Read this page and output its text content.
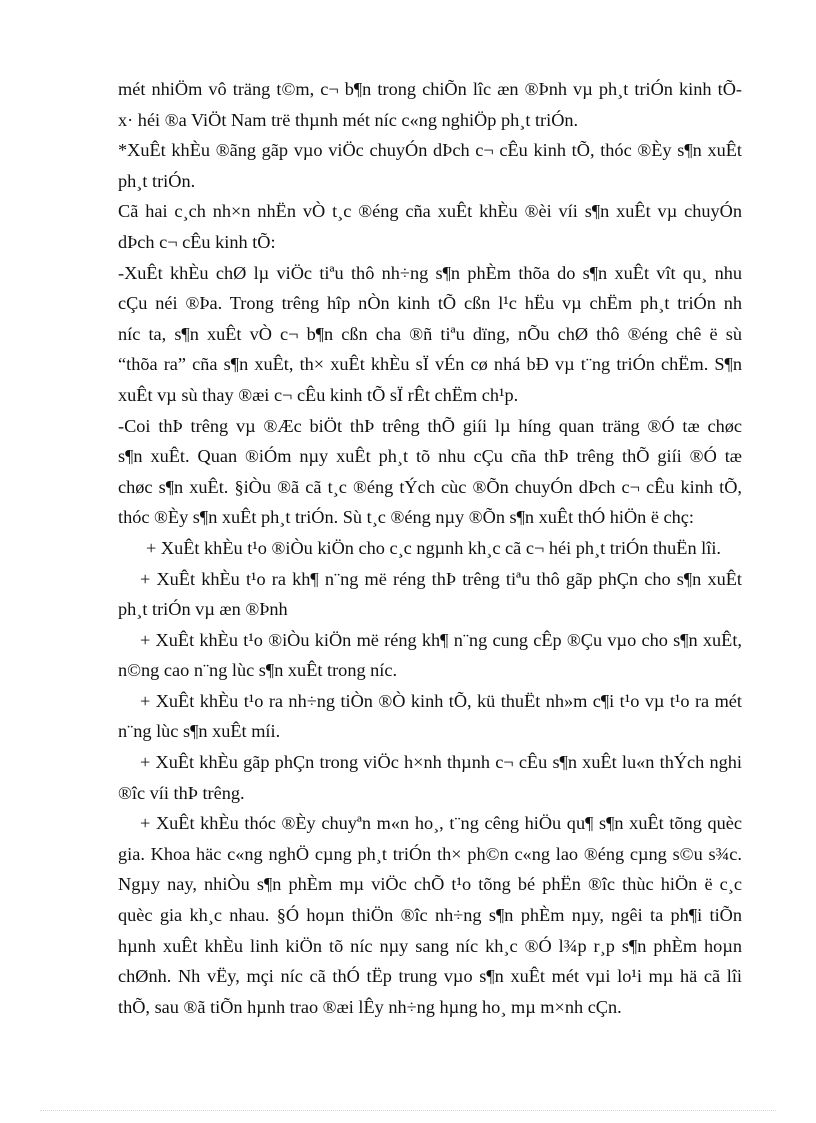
mét nhiÖm vô träng t©m, c¬ b¶n trong chiÕn lîc æn ®Þnh vµ ph¸t triÓn kinh tÕ-
x· héi ®a ViÖt Nam trë thµnh mét níc c«ng nghiÖp ph¸t triÓn.

*XuÊt khÈu ®ãng gãp vµo viÖc chuyÓn dÞch c¬ cÊu kinh tÕ, thóc ®Èy s¶n xuÊt
ph¸t triÓn.

Cã hai c¸ch nh×n nhËn vÒ t¸c ®éng cña xuÊt khÈu ®èi víi s¶n xuÊt vµ chuyÓn
dÞch c¬ cÊu kinh tÕ:

-XuÊt khÈu chØ lµ viÖc tiªu thô nh÷ng s¶n phÈm thõa do s¶n xuÊt vît qu¸ nhu
cÇu néi ®Þa. Trong trêng hîp nÒn kinh tÕ cßn l¹c hËu vµ chËm ph¸t triÓn nh
níc ta, s¶n xuÊt vÒ c¬ b¶n cßn cha ®ñ tiªu dïng, nÕu chØ thô ®éng chê ë sù
“thõa ra” cña s¶n xuÊt, th× xuÊt khÈu sÏ vÉn cø nhá bÐ vµ t¨ng triÓn chËm. S¶n
xuÊt vµ sù thay ®æi c¬ cÊu kinh tÕ sÏ rÊt chËm ch¹p.

-Coi thÞ trêng vµ ®Æc biÖt thÞ trêng thÕ giíi lµ híng quan träng ®Ó tæ chøc
s¶n xuÊt. Quan ®iÓm nµy xuÊt ph¸t tõ nhu cÇu cña thÞ trêng thÕ giíi ®Ó tæ
chøc s¶n xuÊt. §iÒu ®ã cã t¸c ®éng tÝch cùc ®Õn chuyÓn dÞch c¬ cÊu kinh tÕ,
thóc ®Èy s¶n xuÊt ph¸t triÓn. Sù t¸c ®éng nµy ®Õn s¶n xuÊt thÓ hiÖn ë chç:

+ XuÊt khÈu t¹o ®iÒu kiÖn cho c¸c ngµnh kh¸c cã c¬ héi ph¸t triÓn thuËn lîi.

+ XuÊt khÈu t¹o ra kh¶ n¨ng më réng thÞ trêng tiªu thô gãp phÇn cho s¶n xuÊt
ph¸t triÓn vµ æn ®Þnh

+ XuÊt khÈu t¹o ®iÒu kiÖn më réng kh¶ n¨ng cung cÊp ®Çu vµo cho s¶n xuÊt,
n©ng cao n¨ng lùc s¶n xuÊt trong níc.

+ XuÊt khÈu t¹o ra nh÷ng tiÒn ®Ò kinh tÕ, kü thuËt nh»m c¶i t¹o vµ t¹o ra mét
n¨ng lùc s¶n xuÊt míi.

+ XuÊt khÈu gãp phÇn trong viÖc h×nh thµnh c¬ cÊu s¶n xuÊt lu«n thÝch nghi
®îc víi thÞ trêng.

+ XuÊt khÈu thóc ®Èy chuyªn m«n ho¸, t¨ng cêng hiÖu qu¶ s¶n xuÊt tõng quèc
gia. Khoa häc c«ng nghÖ cµng ph¸t triÓn th× ph©n c«ng lao ®éng cµng s©u s¾c.
Ngµy nay, nhiÒu s¶n phÈm mµ viÖc chÕ t¹o tõng bé phËn ®îc thùc hiÖn ë c¸c
quèc gia kh¸c nhau. §Ó hoµn thiÖn ®îc nh÷ng s¶n phÈm nµy, ngêi ta ph¶i tiÕn
hµnh xuÊt khÈu linh kiÖn tõ níc nµy sang níc kh¸c ®Ó l¾p r¸p s¶n phÈm hoµn
chØnh. Nh vËy, mçi níc cã thÓ tËp trung vµo s¶n xuÊt mét vµi lo¹i mµ hä cã lîi
thÕ, sau ®ã tiÕn hµnh trao ®æi lÊy nh÷ng hµng ho¸ mµ m×nh cÇn.
